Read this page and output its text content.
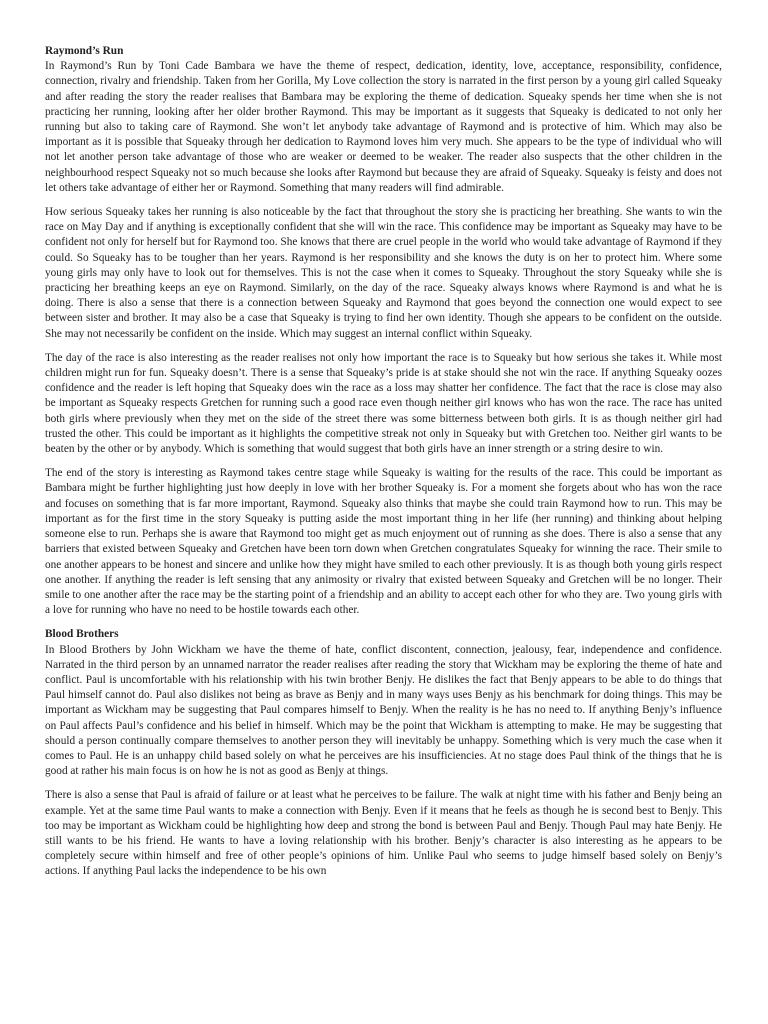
Raymond’s Run

In Raymond’s Run by Toni Cade Bambara we have the theme of respect, dedication, identity, love, acceptance, responsibility, confidence, connection, rivalry and friendship. Taken from her Gorilla, My Love collection the story is narrated in the first person by a young girl called Squeaky and after reading the story the reader realises that Bambara may be exploring the theme of dedication. Squeaky spends her time when she is not practicing her running, looking after her older brother Raymond. This may be important as it suggests that Squeaky is dedicated to not only her running but also to taking care of Raymond. She won’t let anybody take advantage of Raymond and is protective of him. Which may also be important as it is possible that Squeaky through her dedication to Raymond loves him very much. She appears to be the type of individual who will not let another person take advantage of those who are weaker or deemed to be weaker. The reader also suspects that the other children in the neighbourhood respect Squeaky not so much because she looks after Raymond but because they are afraid of Squeaky. Squeaky is feisty and does not let others take advantage of either her or Raymond. Something that many readers will find admirable.

How serious Squeaky takes her running is also noticeable by the fact that throughout the story she is practicing her breathing. She wants to win the race on May Day and if anything is exceptionally confident that she will win the race. This confidence may be important as Squeaky may have to be confident not only for herself but for Raymond too. She knows that there are cruel people in the world who would take advantage of Raymond if they could. So Squeaky has to be tougher than her years. Raymond is her responsibility and she knows the duty is on her to protect him. Where some young girls may only have to look out for themselves. This is not the case when it comes to Squeaky. Throughout the story Squeaky while she is practicing her breathing keeps an eye on Raymond. Similarly, on the day of the race. Squeaky always knows where Raymond is and what he is doing. There is also a sense that there is a connection between Squeaky and Raymond that goes beyond the connection one would expect to see between sister and brother. It may also be a case that Squeaky is trying to find her own identity. Though she appears to be confident on the outside. She may not necessarily be confident on the inside. Which may suggest an internal conflict within Squeaky.

The day of the race is also interesting as the reader realises not only how important the race is to Squeaky but how serious she takes it. While most children might run for fun. Squeaky doesn’t. There is a sense that Squeaky’s pride is at stake should she not win the race. If anything Squeaky oozes confidence and the reader is left hoping that Squeaky does win the race as a loss may shatter her confidence. The fact that the race is close may also be important as Squeaky respects Gretchen for running such a good race even though neither girl knows who has won the race. The race has united both girls where previously when they met on the side of the street there was some bitterness between both girls. It is as though neither girl had trusted the other. This could be important as it highlights the competitive streak not only in Squeaky but with Gretchen too. Neither girl wants to be beaten by the other or by anybody. Which is something that would suggest that both girls have an inner strength or a string desire to win.

The end of the story is interesting as Raymond takes centre stage while Squeaky is waiting for the results of the race. This could be important as Bambara might be further highlighting just how deeply in love with her brother Squeaky is. For a moment she forgets about who has won the race and focuses on something that is far more important, Raymond. Squeaky also thinks that maybe she could train Raymond how to run. This may be important as for the first time in the story Squeaky is putting aside the most important thing in her life (her running) and thinking about helping someone else to run. Perhaps she is aware that Raymond too might get as much enjoyment out of running as she does. There is also a sense that any barriers that existed between Squeaky and Gretchen have been torn down when Gretchen congratulates Squeaky for winning the race. Their smile to one another appears to be honest and sincere and unlike how they might have smiled to each other previously. It is as though both young girls respect one another. If anything the reader is left sensing that any animosity or rivalry that existed between Squeaky and Gretchen will be no longer. Their smile to one another after the race may be the starting point of a friendship and an ability to accept each other for who they are. Two young girls with a love for running who have no need to be hostile towards each other.

Blood Brothers

In Blood Brothers by John Wickham we have the theme of hate, conflict discontent, connection, jealousy, fear, independence and confidence. Narrated in the third person by an unnamed narrator the reader realises after reading the story that Wickham may be exploring the theme of hate and conflict. Paul is uncomfortable with his relationship with his twin brother Benjy. He dislikes the fact that Benjy appears to be able to do things that Paul himself cannot do. Paul also dislikes not being as brave as Benjy and in many ways uses Benjy as his benchmark for doing things. This may be important as Wickham may be suggesting that Paul compares himself to Benjy. When the reality is he has no need to. If anything Benjy’s influence on Paul affects Paul’s confidence and his belief in himself. Which may be the point that Wickham is attempting to make. He may be suggesting that should a person continually compare themselves to another person they will inevitably be unhappy. Something which is very much the case when it comes to Paul. He is an unhappy child based solely on what he perceives are his insufficiencies. At no stage does Paul think of the things that he is good at rather his main focus is on how he is not as good as Benjy at things.

There is also a sense that Paul is afraid of failure or at least what he perceives to be failure. The walk at night time with his father and Benjy being an example. Yet at the same time Paul wants to make a connection with Benjy. Even if it means that he feels as though he is second best to Benjy. This too may be important as Wickham could be highlighting how deep and strong the bond is between Paul and Benjy. Though Paul may hate Benjy. He still wants to be his friend. He wants to have a loving relationship with his brother. Benjy’s character is also interesting as he appears to be completely secure within himself and free of other people’s opinions of him. Unlike Paul who seems to judge himself based solely on Benjy’s actions. If anything Paul lacks the independence to be his own
